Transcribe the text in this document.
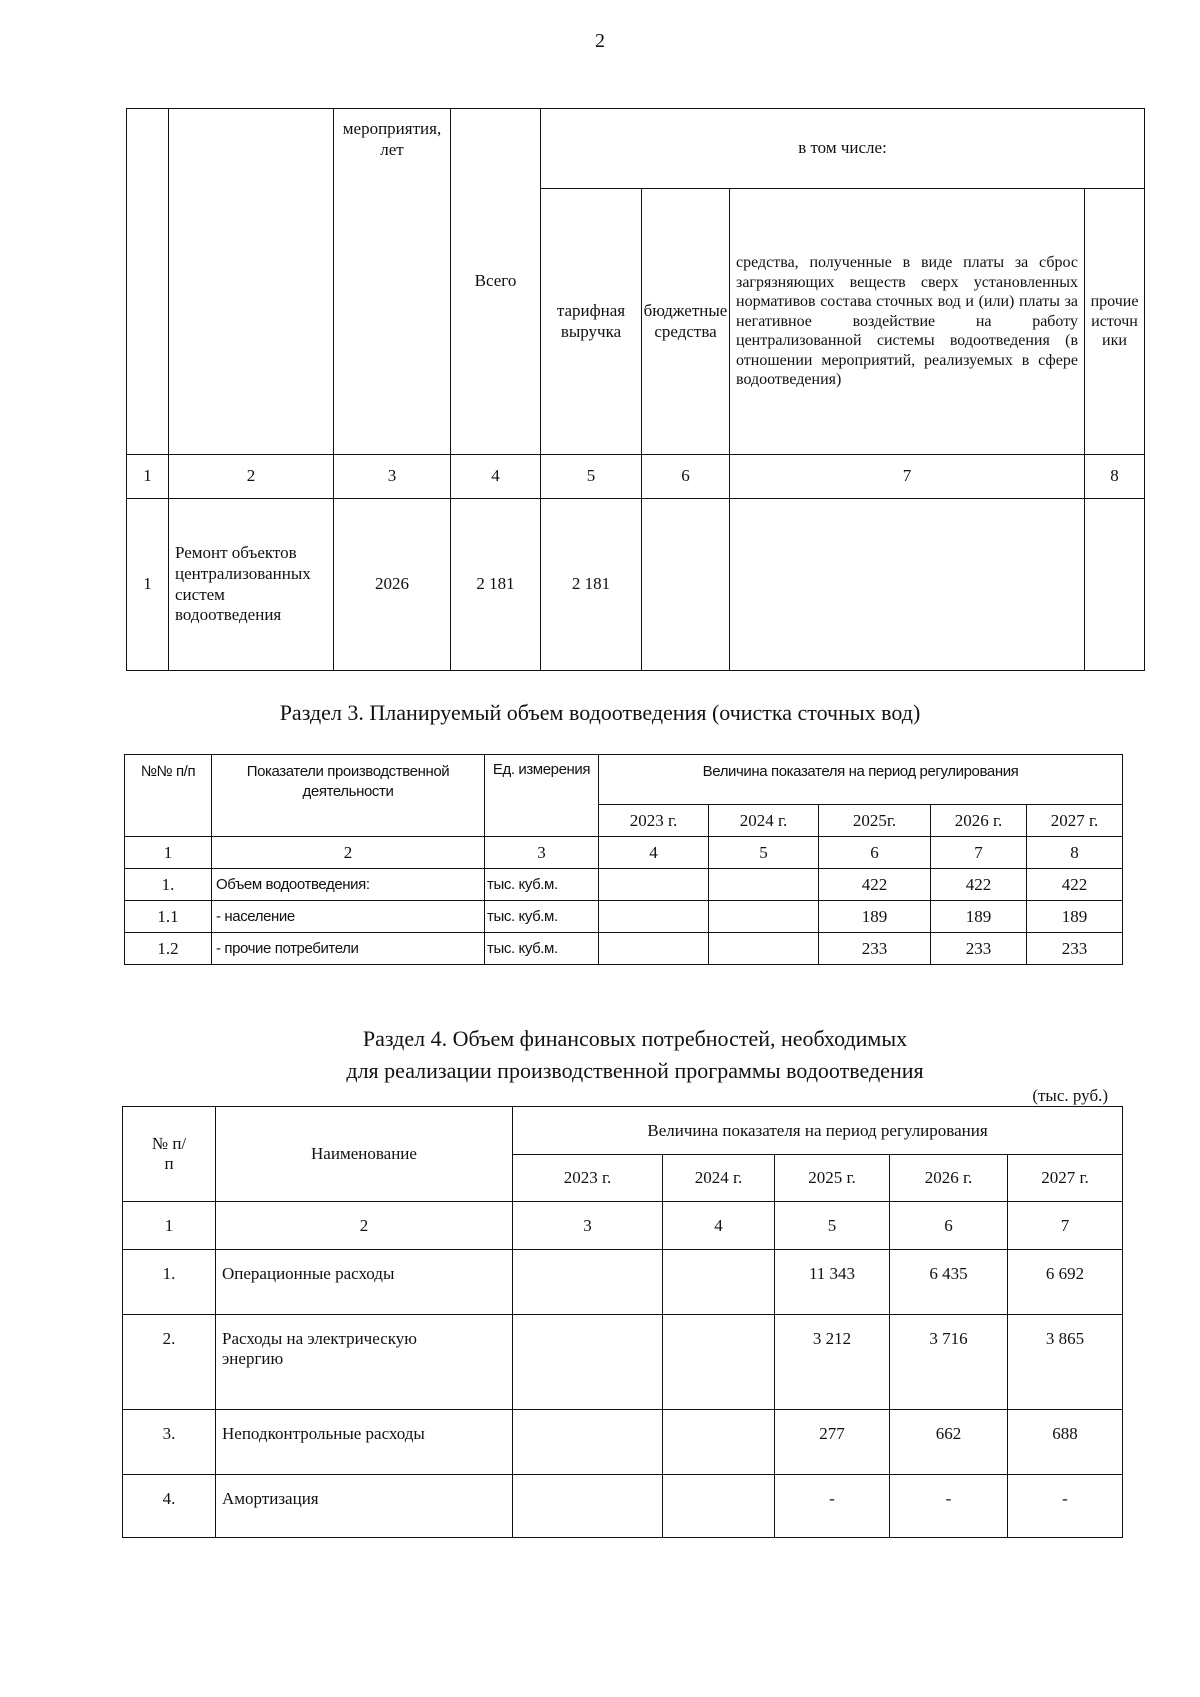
2
		мероприятия, лет	Всего	в том числе:			
				тарифная выручка	бюджетные средства	средства, полученные в виде платы за сброс загрязняющих веществ сверх установленных нормативов состава сточных вод и (или) платы за негативное воздействие на работу централизованной системы водоотведения (в отношении мероприятий, реализуемых в сфере водоотведения)	прочие источники
1	2	3	4	5	6	7	8
1	Ремонт объектов централизованных систем водоотведения	2026	2 181	2 181			
Раздел 3. Планируемый объем водоотведения (очистка сточных вод)
№№ п/п	Показатели производственной деятельности	Ед. измерения	Величина показателя на период регулирования				
			2023 г.	2024 г.	2025г.	2026 г.	2027 г.
1	2	3	4	5	6	7	8
1.	Объем водоотведения:	тыс. куб.м.			422	422	422
1.1	- население	тыс. куб.м.			189	189	189
1.2	- прочие потребители	тыс. куб.м.			233	233	233
Раздел 4. Объем финансовых потребностей, необходимых
для реализации производственной программы водоотведения
(тыс. руб.)
№ п/п	Наименование	Величина показателя на период регулирования				
		2023 г.	2024 г.	2025 г.	2026 г.	2027 г.
1	2	3	4	5	6	7
1.	Операционные расходы			11 343	6 435	6 692
2.	Расходы на электрическую энергию			3 212	3 716	3 865
3.	Неподконтрольные расходы			277	662	688
4.	Амортизация			-	-	-
